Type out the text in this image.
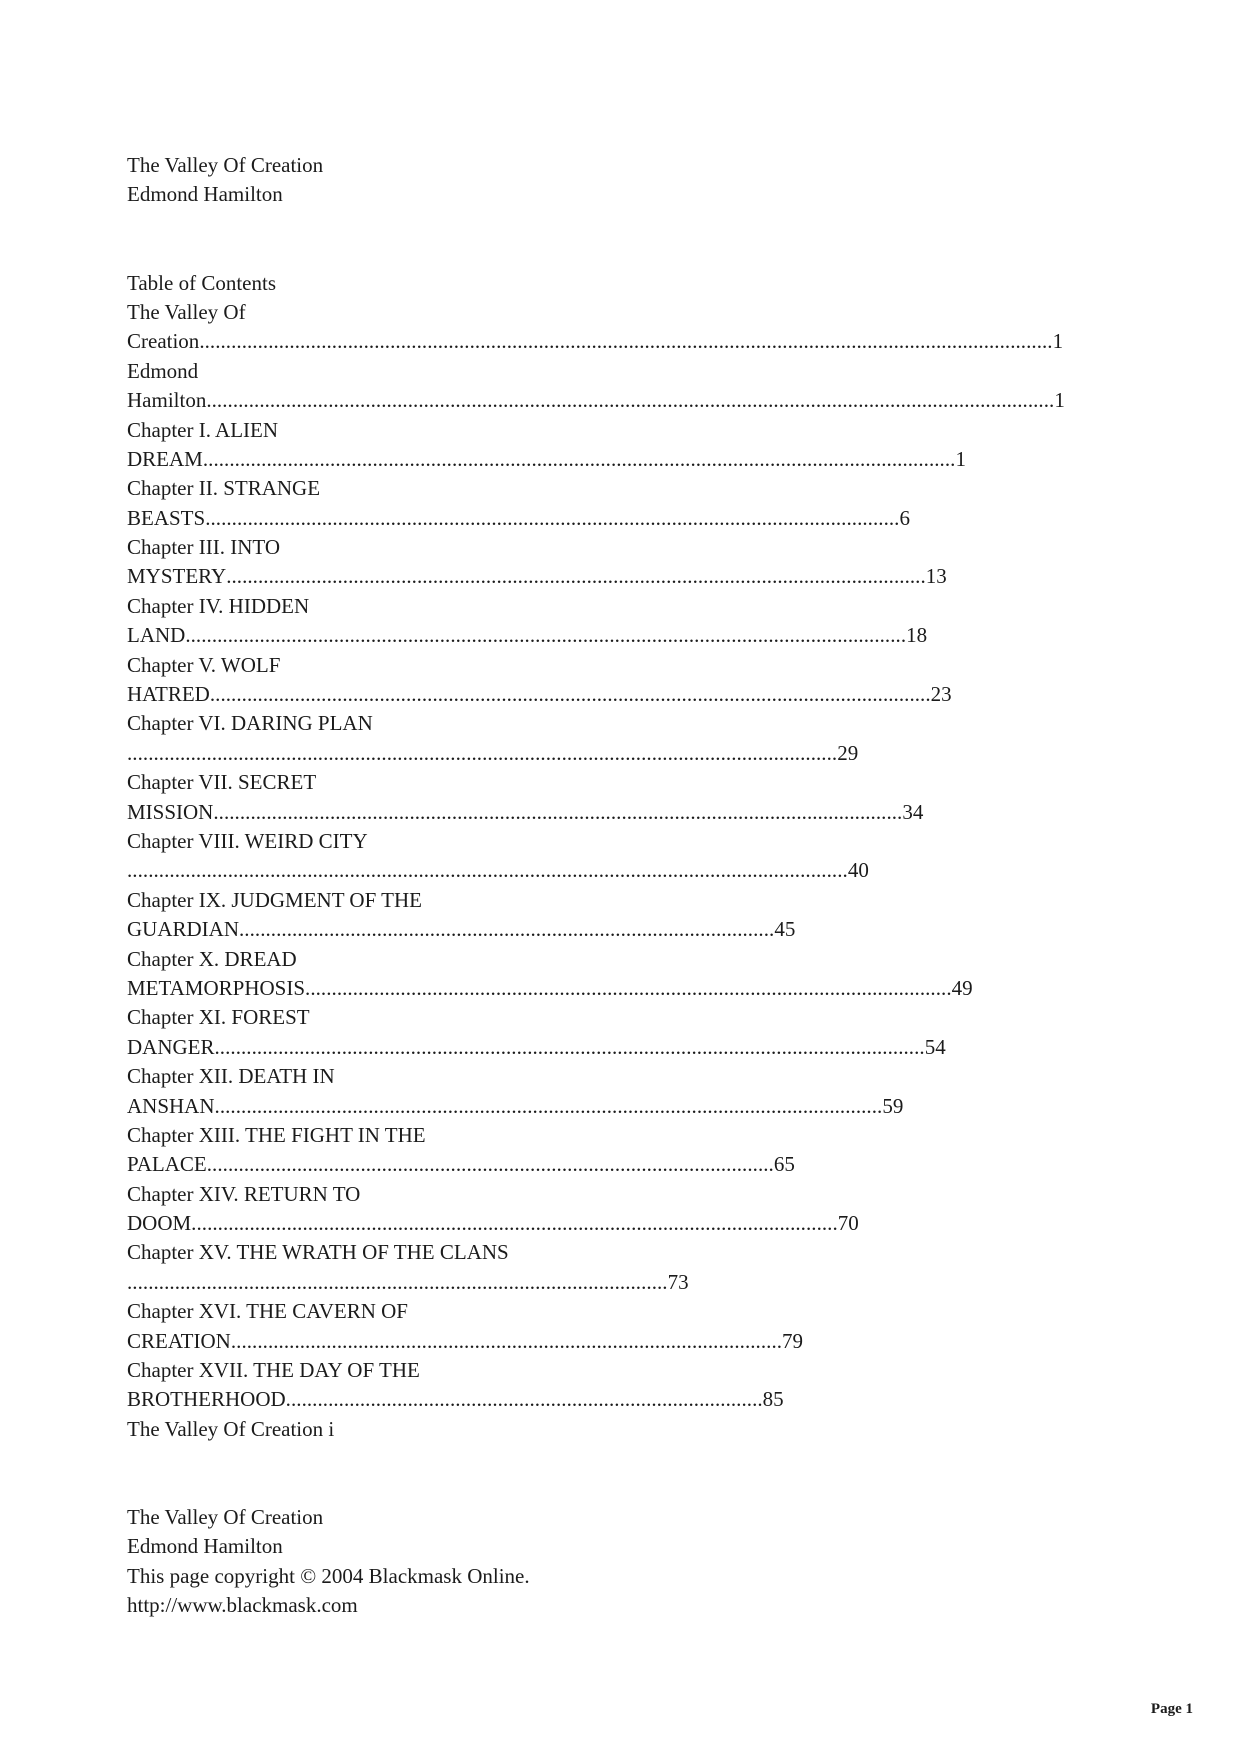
The Valley Of Creation
Edmond Hamilton
Table of Contents
The Valley Of
Creation.................................................................................................................................................................1
Edmond
Hamilton................................................................................................................................................................1
Chapter I. ALIEN
DREAM..............................................................................................................................................1
Chapter II. STRANGE
BEASTS...................................................................................................................................6
Chapter III. INTO
MYSTERY....................................................................................................................................13
Chapter IV. HIDDEN
LAND........................................................................................................................................18
Chapter V. WOLF
HATRED........................................................................................................................................23
Chapter VI. DARING PLAN
......................................................................................................................................29
Chapter VII. SECRET
MISSION..................................................................................................................................34
Chapter VIII. WEIRD CITY
........................................................................................................................................40
Chapter IX. JUDGMENT OF THE
GUARDIAN.....................................................................................................45
Chapter X. DREAD
METAMORPHOSIS..........................................................................................................................49
Chapter XI. FOREST
DANGER......................................................................................................................................54
Chapter XII. DEATH IN
ANSHAN..............................................................................................................................59
Chapter XIII. THE FIGHT IN THE
PALACE...........................................................................................................65
Chapter XIV. RETURN TO
DOOM..........................................................................................................................70
Chapter XV. THE WRATH OF THE CLANS
......................................................................................................73
Chapter XVI. THE CAVERN OF
CREATION........................................................................................................79
Chapter XVII. THE DAY OF THE
BROTHERHOOD..........................................................................................85
The Valley Of Creation i
The Valley Of Creation
Edmond Hamilton
This page copyright © 2004 Blackmask Online.
http://www.blackmask.com
Page 1
